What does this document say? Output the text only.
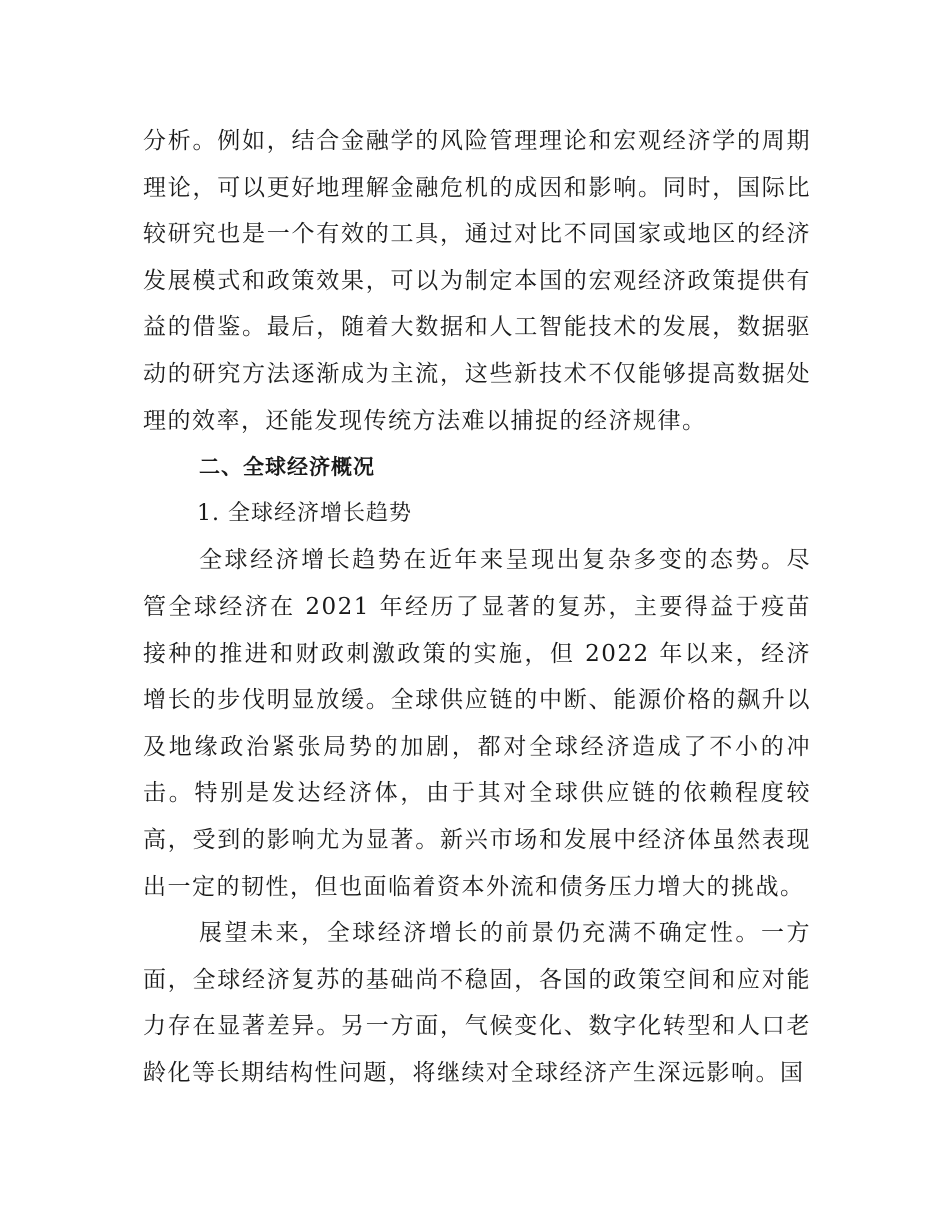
分析。例如，结合金融学的风险管理理论和宏观经济学的周期理论，可以更好地理解金融危机的成因和影响。同时，国际比较研究也是一个有效的工具，通过对比不同国家或地区的经济发展模式和政策效果，可以为制定本国的宏观经济政策提供有益的借鉴。最后，随着大数据和人工智能技术的发展，数据驱动的研究方法逐渐成为主流，这些新技术不仅能够提高数据处理的效率，还能发现传统方法难以捕捉的经济规律。

二、全球经济概况

1. 全球经济增长趋势

全球经济增长趋势在近年来呈现出复杂多变的态势。尽管全球经济在 2021 年经历了显著的复苏，主要得益于疫苗接种的推进和财政刺激政策的实施，但 2022 年以来，经济增长的步伐明显放缓。全球供应链的中断、能源价格的飙升以及地缘政治紧张局势的加剧，都对全球经济造成了不小的冲击。特别是发达经济体，由于其对全球供应链的依赖程度较高，受到的影响尤为显著。新兴市场和发展中经济体虽然表现出一定的韧性，但也面临着资本外流和债务压力增大的挑战。

展望未来，全球经济增长的前景仍充满不确定性。一方面，全球经济复苏的基础尚不稳固，各国的政策空间和应对能力存在显著差异。另一方面，气候变化、数字化转型和人口老龄化等长期结构性问题，将继续对全球经济产生深远影响。国
